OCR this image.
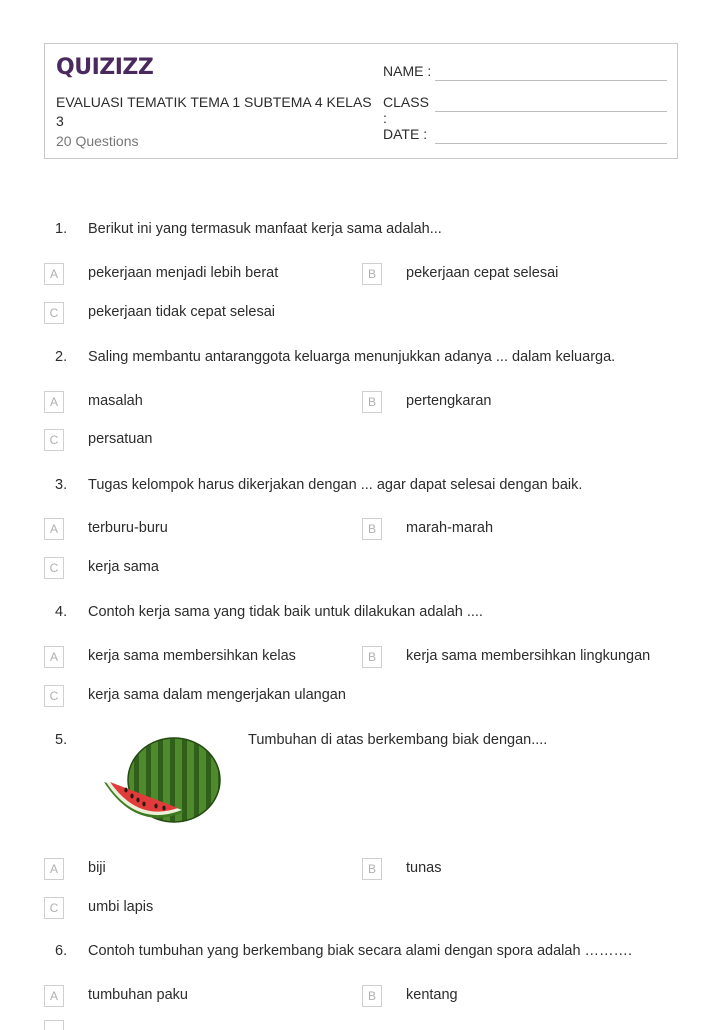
QUIZIZZ
EVALUASI TEMATIK TEMA 1 SUBTEMA 4 KELAS 3
20 Questions
NAME :
CLASS :
DATE :
1. Berikut ini yang termasuk manfaat kerja sama adalah...
A	pekerjaan menjadi lebih berat	B	pekerjaan cepat selesai
C	pekerjaan tidak cepat selesai
2. Saling membantu antaranggota keluarga menunjukkan adanya ... dalam keluarga.
A	masalah	B	pertengkaran
C	persatuan
3. Tugas kelompok harus dikerjakan dengan ... agar dapat selesai dengan baik.
A	terburu-buru	B	marah-marah
C	kerja sama
4. Contoh kerja sama yang tidak baik untuk dilakukan adalah ....
A	kerja sama membersihkan kelas	B	kerja sama membersihkan lingkungan
C	kerja sama dalam mengerjakan ulangan
5.	Tumbuhan di atas berkembang biak dengan....
A	biji	B	tunas
C	umbi lapis
6. Contoh tumbuhan yang berkembang biak secara alami dengan spora adalah ……….
A	tumbuhan paku	B	kentang
